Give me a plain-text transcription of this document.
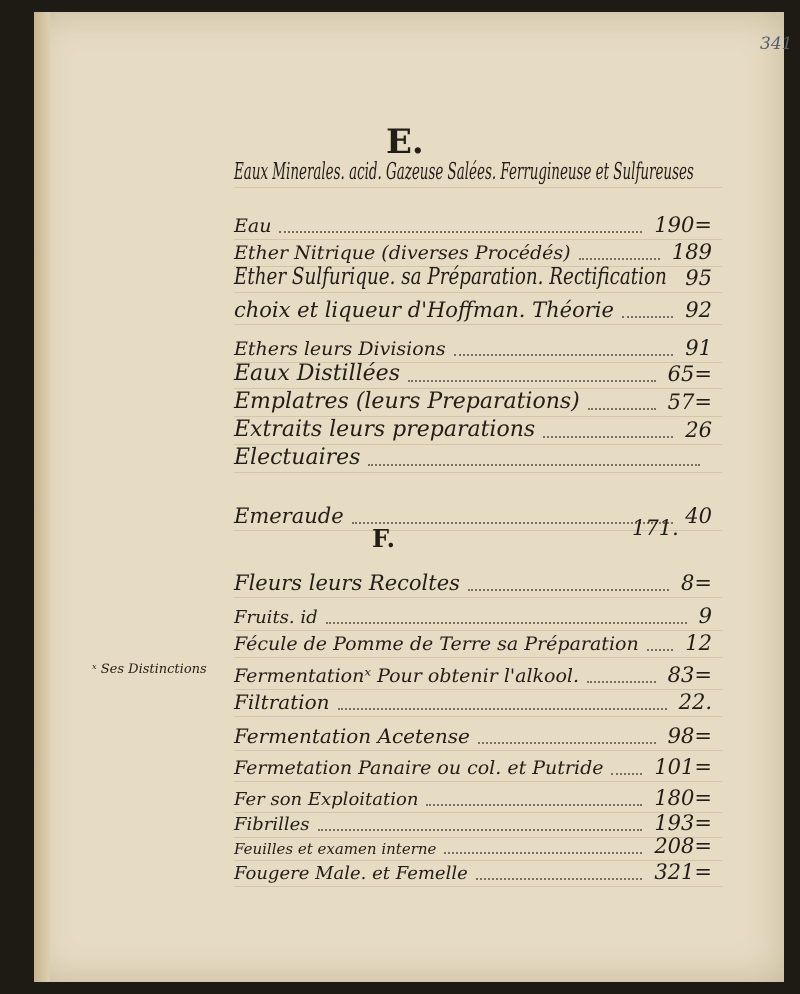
341
E.
Eaux Minerales. acid. Gazeuse Salées. Ferrugineuse et Sulfureuses
Eau	190=
Ether Nitrique (diverses Procédés)	189
Ether Sulfurique. sa Préparation. Rectification 95
choix et liqueur d'Hoffman. Théorie	92
Ethers leurs Divisions	91
Eaux Distillées	65=
Emplatres (leurs Preparations)	57=
Extraits leurs preparations	26
Electuaires
Emeraude	40
171.
F.
Fleurs leurs Recoltes	8=
Fruits. id	9
Fécule de Pomme de Terre sa Préparation 12
Fermentationˣ Pour obtenir l'alkool.	83=
Filtration	22.
Fermentation Acetense	98=
Fermetation Panaire ou col. et Putride 101=
Fer son Exploitation	180=
Fibrilles	193=
Feuilles et examen interne	208=
Fougere Male. et Femelle	321=
ˣ Ses Distinctions
